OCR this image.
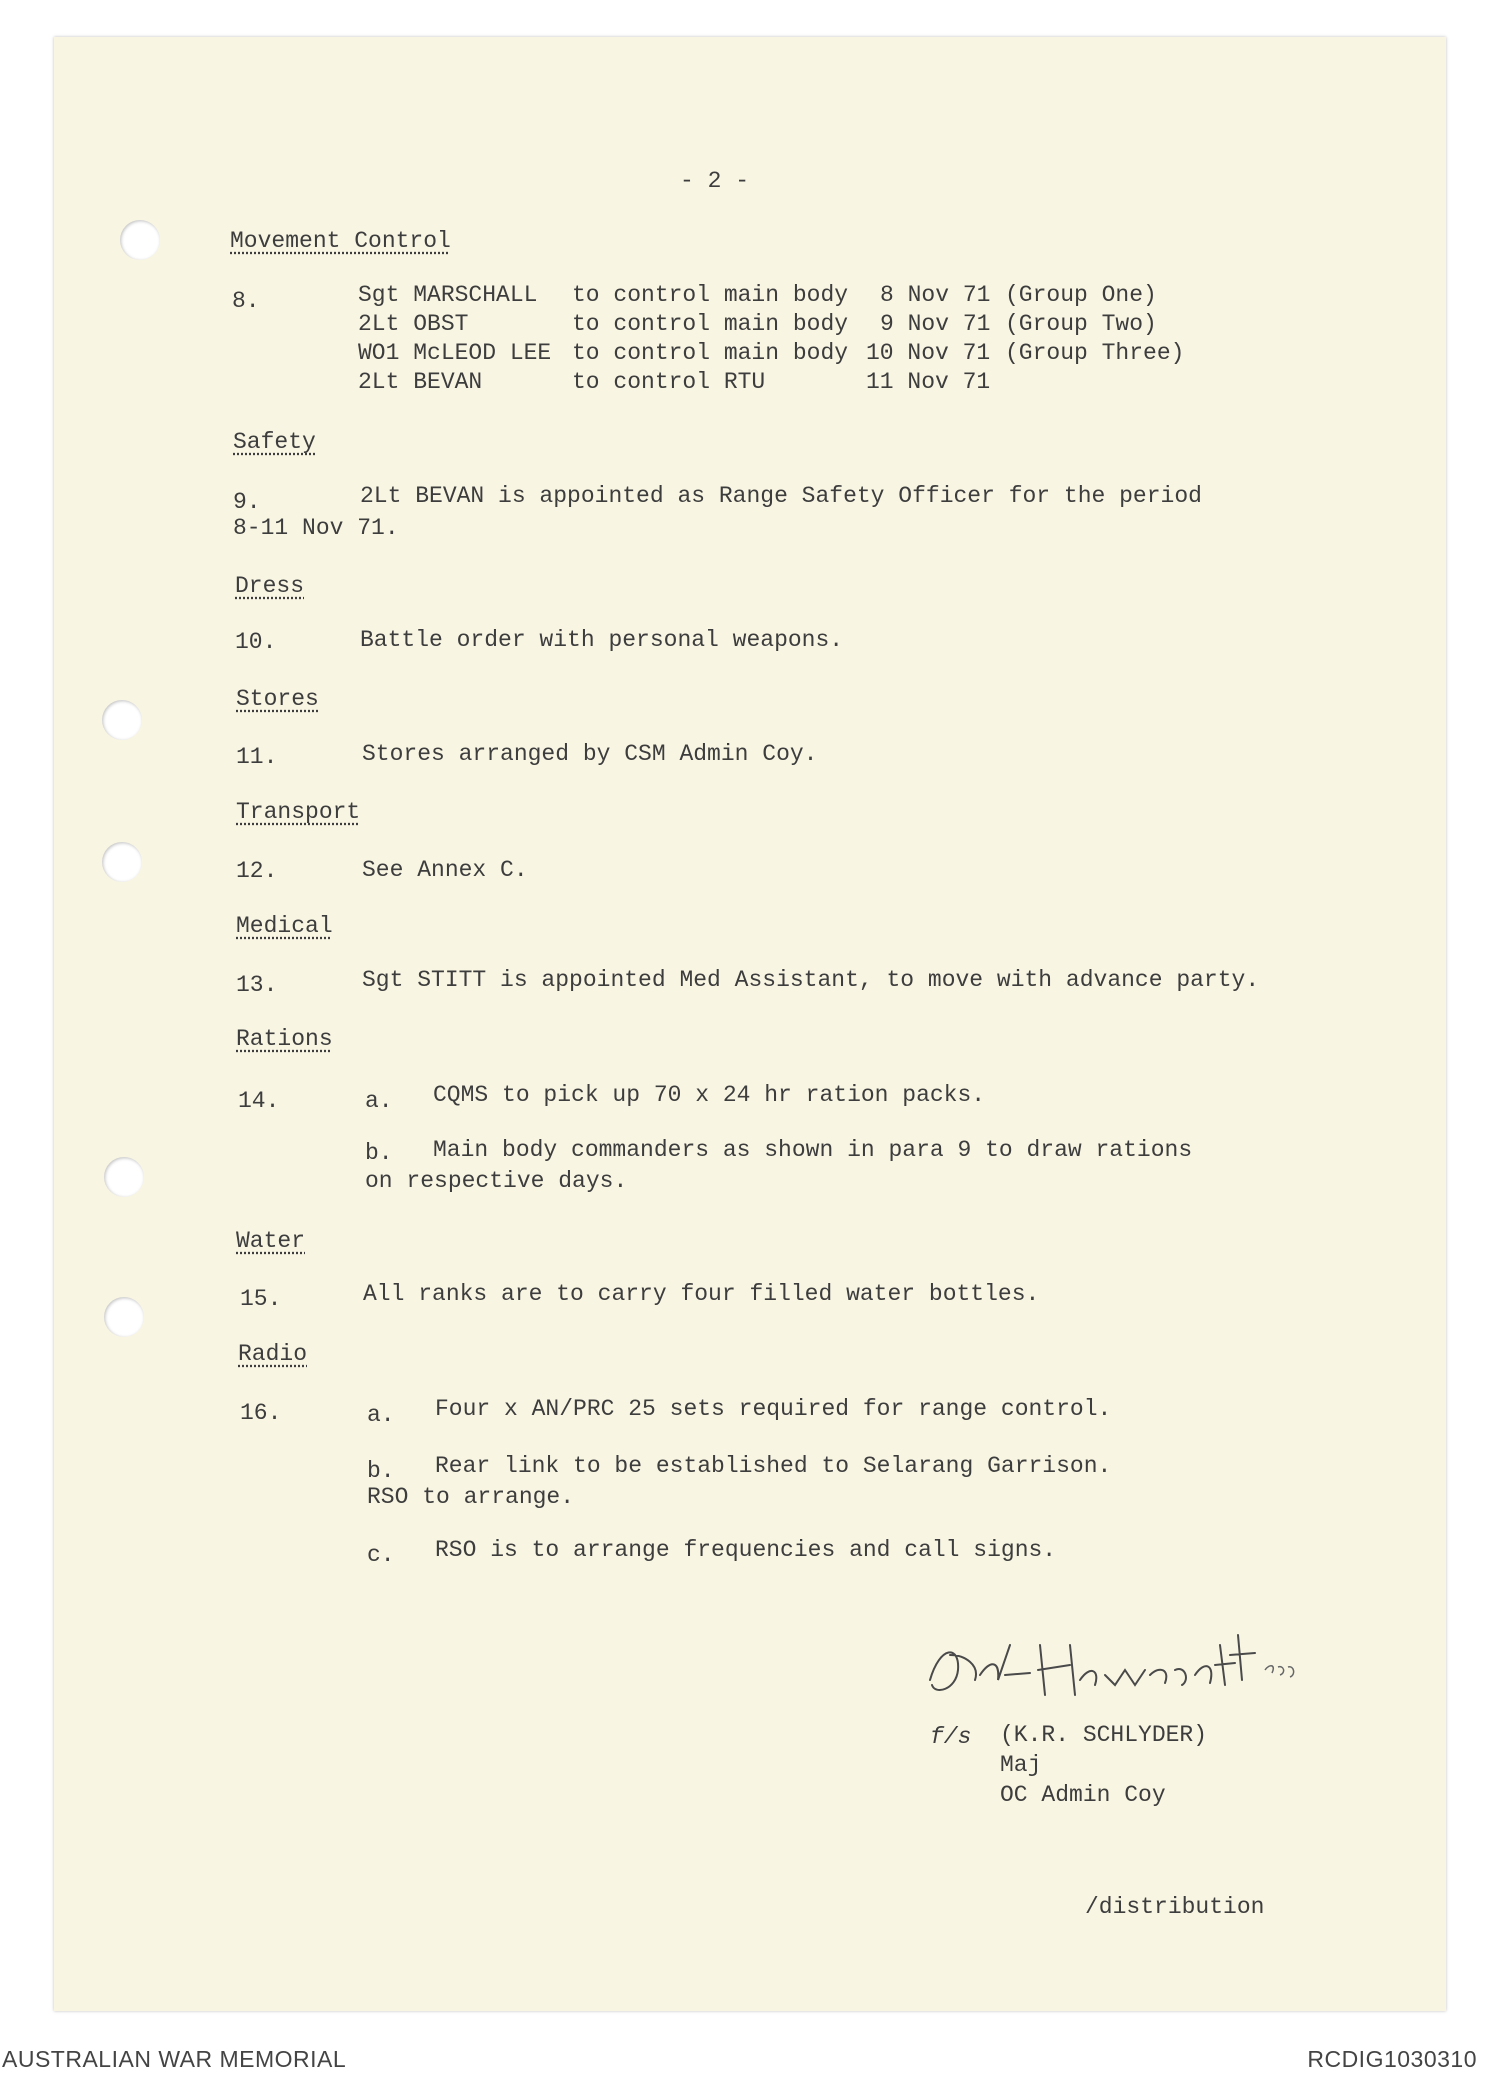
- 2 -
Movement Control
8.	Sgt MARSCHALL to control main body 8 Nov 71 (Group One)
2Lt OBST	to control main body 9 Nov 71 (Group Two)
WO1 McLEOD LEE to control main body 10 Nov 71 (Group Three)
2Lt BEVAN	to control RTU	11 Nov 71
Safety
9.	2Lt BEVAN is appointed as Range Safety Officer for the period
8-11 Nov 71.
Dress
10.	Battle order with personal weapons.
Stores
11.	Stores arranged by CSM Admin Coy.
Transport
12.	See Annex C.
Medical
13.	Sgt STITT is appointed Med Assistant, to move with advance party.
Rations
14.	a. CQMS to pick up 70 x 24 hr ration packs.
b. Main body commanders as shown in para 9 to draw rations
on respective days.
Water
15.	All ranks are to carry four filled water bottles.
Radio
16.	a. Four x AN/PRC 25 sets required for range control.
b. Rear link to be established to Selarang Garrison.
RSO to arrange.
c. RSO is to arrange frequencies and call signs.
f/s (K.R. SCHLYDER)
Maj
OC Admin Coy
/distribution
AUSTRALIAN WAR MEMORIAL	RCDIG1030310
